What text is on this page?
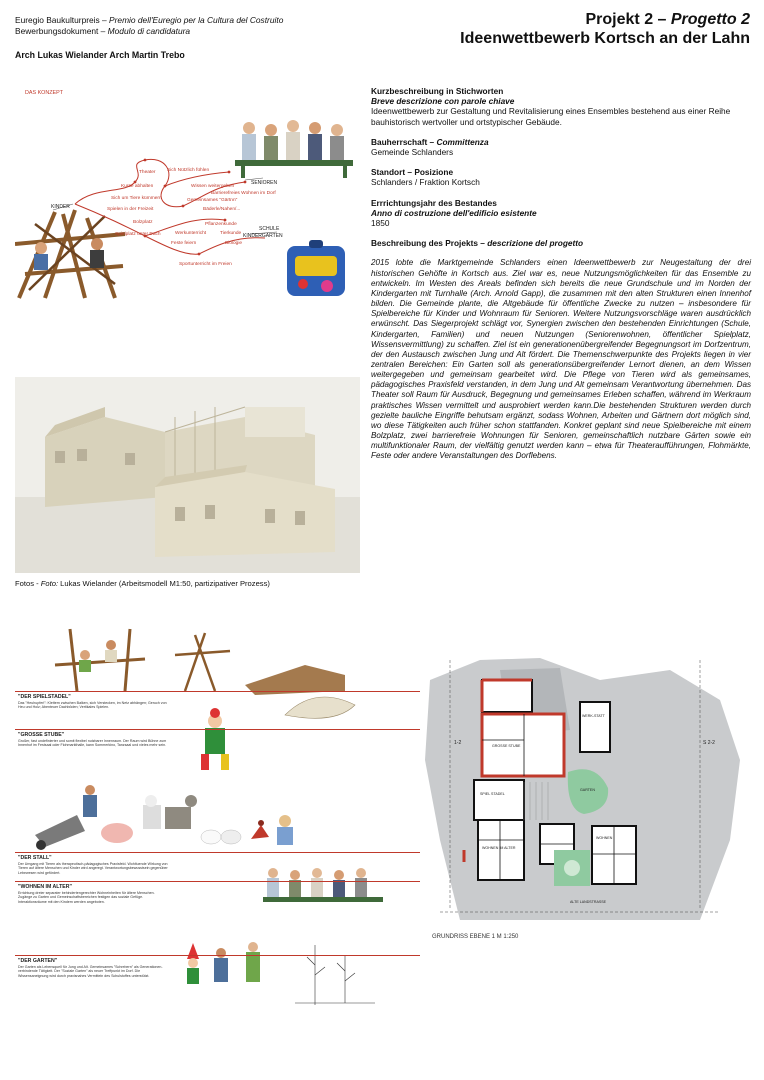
Euregio Baukulturpreis – Premio dell'Euregio per la Cultura del Costruito
Bewerbungsdokument – Modulo di candidatura
Arch Lukas Wielander Arch Martin Trebo
Projekt 2 – Progetto 2
Ideenwettbewerb Kortsch an der Lahn
DAS KONZEPT
KINDER
SENIOREN
SCHULE
KINDERGARTEN
Theater Sich Nützlich fühlen
Kurse abhalten	Wissen weitergeben
Sich um Tiere kümmern	Gemeinsames "Gärtnn"
Barrierefreies Wohnen im Dorf
Spielen in der Freizeit	Bäderle/Nahen/...
Bolzplatz	Pflanzenkunde
Spielplatz unter Dach	Werkunterricht	Tierkunde
Feste feiern	Biologie
Sportunterricht im Freien
Fotos - Foto: Lukas Wielander (Arbeitsmodell M1:50, partizipativer Prozess)
Kurzbeschreibung in Stichworten
Breve descrizione con parole chiave
Ideenwettbewerb zur Gestaltung und Revitalisierung eines Ensembles bestehend aus einer Reihe bauhistorisch wertvoller und ortstypischer Gebäude.
Bauherrschaft – Committenza
Gemeinde Schlanders
Standort – Posizione
Schlanders / Fraktion Kortsch
Errrichtungsjahr des Bestandes
Anno di costruzione dell'edificio esistente
1850
Beschreibung des Projekts – descrizione del progetto
2015 lobte die Marktgemeinde Schlanders einen Ideenwettbewerb zur Neugestaltung der drei historischen Gehöfte in Kortsch aus. Ziel war es, neue Nutzungsmöglichkeiten für das Ensemble zu entwickeln. Im Westen des Areals befinden sich bereits die neue Grundschule und im Norden der Kindergarten mit Turnhalle (Arch. Arnold Gapp), die zusammen mit den alten Strukturen einen Innenhof bilden. Die Gemeinde plante, die Altgebäude für öffentliche Zwecke zu nutzen – insbesondere für Spielbereiche für Kinder und Wohnraum für Senioren. Weitere Nutzungsvorschläge waren ausdrücklich erwünscht. Das Siegerprojekt schlägt vor, Synergien zwischen den bestehenden Einrichtungen (Schule, Kindergarten, Familien) und neuen Nutzungen (Seniorenwohnen, öffentlicher Spielplatz, Wissensvermittlung) zu schaffen. Ziel ist ein generationenübergreifender Begegnungsort im Dorfzentrum, der den Austausch zwischen Jung und Alt fördert. Die Themenschwerpunkte des Projekts liegen in vier zentralen Bereichen: Ein Garten soll als generationsübergreifender Lernort dienen, an dem Wissen weitergegeben und gemeinsam gearbeitet wird. Die Pflege von Tieren wird als gemeinsames, pädagogisches Praxisfeld verstanden, in dem Jung und Alt gemeinsam Verantwortung übernehmen. Das Theater soll Raum für Ausdruck, Begegnung und gemeinsames Erleben schaffen, während im Werkraum praktisches Wissen vermittelt und ausprobiert werden kann.Die bestehenden Strukturen werden durch gezielte bauliche Eingriffe behutsam ergänzt, sodass Wohnen, Arbeiten und Gärtnern dort möglich sind, wo diese Tätigkeiten auch früher schon stattfanden. Konkret geplant sind neue Spielbereiche mit einem Bolzplatz, zwei barrierefreie Wohnungen für Senioren, gemeinschaftlich nutzbare Gärten sowie ein multifunktionaler Raum, der vielfältig genutzt werden kann – etwa für Theateraufführungen, Flohmärkte, Feste oder andere Veranstaltungen des Dorflebens.
"DER SPIELSTADEL"
Das "Heuhupferl": Klettern zwischen Balken, sich Verstecken, im Netz abhängen; Geruch von Heu und Holz; Abenteuer Dachböden; Vertikales Spielen.
"GROSSE STUBE"
Großer, fast undefinierter und somit flexibel nutzbarer Innenraum. Der Raum wird Bühne zum Innenhof im Festsaal oder Flohmarkthalle, kann Sommerkino, Tanzsaal und vieles mehr sein.
"DER STALL"
Der Umgang mit Tieren als therapeutisch-pädagogisches Praxisfeld. Wohltuende Wirkung von Tieren auf ältere Menschen und Kinder wird angeregt. Verantwortungsbewusstsein gegenüber Lebewesen wird gefördert.
"WOHNEN IM ALTER"
Errichtung dreier separater behindertengerechter Wohneinheiten für ältere Menschen. Zugänge zu Garten und Gemeinschaftsbereichen festigen das soziale Gefüge. Interaktionsräume mit den Kindern werden angeboten.
"DER GARTEN"
Der Garten als Lebensquell für Jung und Alt. Gemeinsames "Schrebern" als Generationen-verbindende Tätigkeit. Der "Soziale Garten" als neuer Treffpunkt im Dorf. Die Wissensaneignung wird durch praxisnahes Vermitteln des Schulstoffes unterstützt.
S 2-2
1-2	GROSSE STUBE
WERK-STATT
SPIEL STADEL
WOHNEN
WOHNEN IM ALTER
GARTEN
ALTE LANDSTRASSE
GRUNDRISS EBENE 1 M 1:250
